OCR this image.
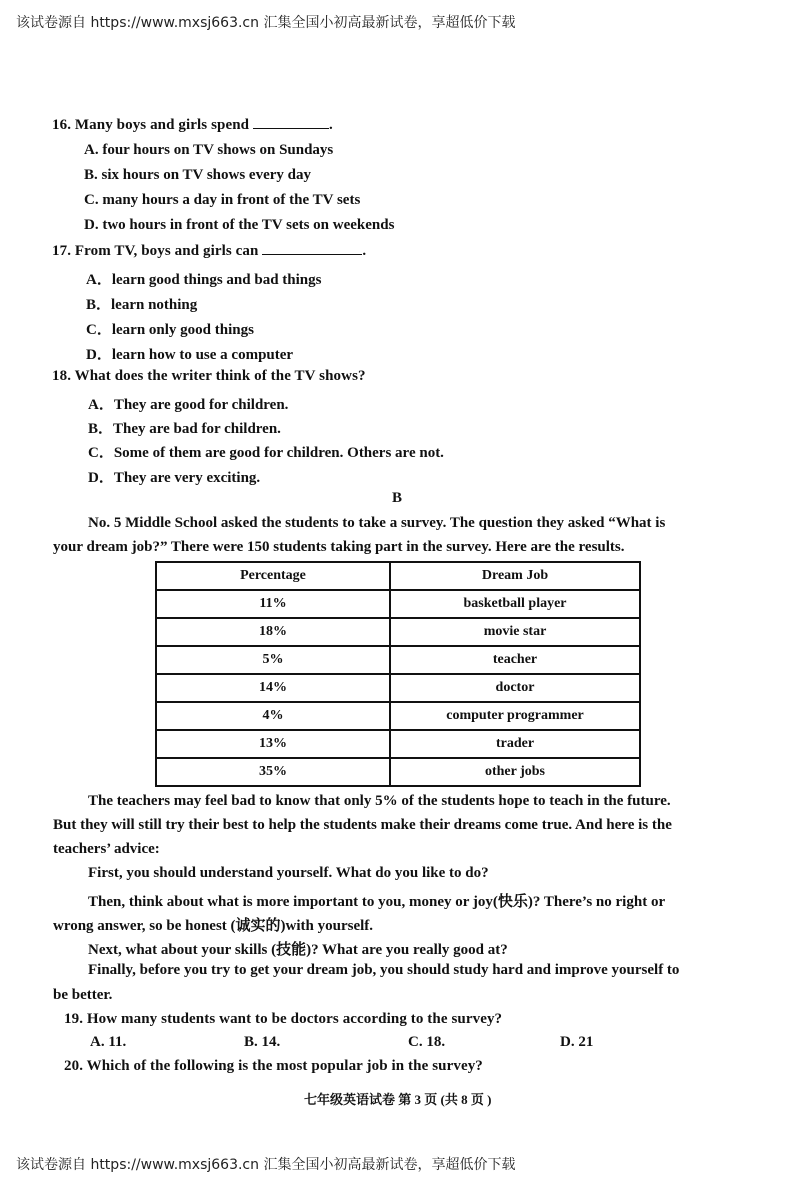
该试卷源自 https://www.mxsj663.cn 汇集全国小初高最新试卷，享超低价下载
16. Many boys and girls spend	.
A. four hours on TV shows on Sundays
B. six hours on TV shows every day
C. many hours a day in front of the TV sets
D. two hours in front of the TV sets on weekends
17. From TV, boys and girls can	.
A．learn good things and bad things
B．learn nothing
C．learn only good things
D．learn how to use a computer
18. What does the writer think of the TV shows?
A．They are good for children.
B．They are bad for children.
C．Some of them are good for children. Others are not.
D．They are very exciting.
B
No. 5 Middle School asked the students to take a survey. The question they asked “What is
your dream job?” There were 150 students taking part in the survey. Here are the results.
Percentage	Dream Job
11%	basketball player
18%	movie star
5%	teacher
14%	doctor
4%	computer programmer
13%	trader
35%	other jobs
The teachers may feel bad to know that only 5% of the students hope to teach in the future.
But they will still try their best to help the students make their dreams come true. And here is the
teachers’ advice:
First, you should understand yourself. What do you like to do?
Then, think about what is more important to you, money or joy(快乐)? There’s no right or
wrong answer, so be honest (诚实的)with yourself.
Next, what about your skills (技能)? What are you really good at?
Finally, before you try to get your dream job, you should study hard and improve yourself to
be better.
19. How many students want to be doctors according to the survey?
A. 11.	B. 14.	C. 18.	D. 21
20. Which of the following is the most popular job in the survey?
七年级英语试卷 第 3 页 (共 8 页 )
该试卷源自 https://www.mxsj663.cn 汇集全国小初高最新试卷，享超低价下载
